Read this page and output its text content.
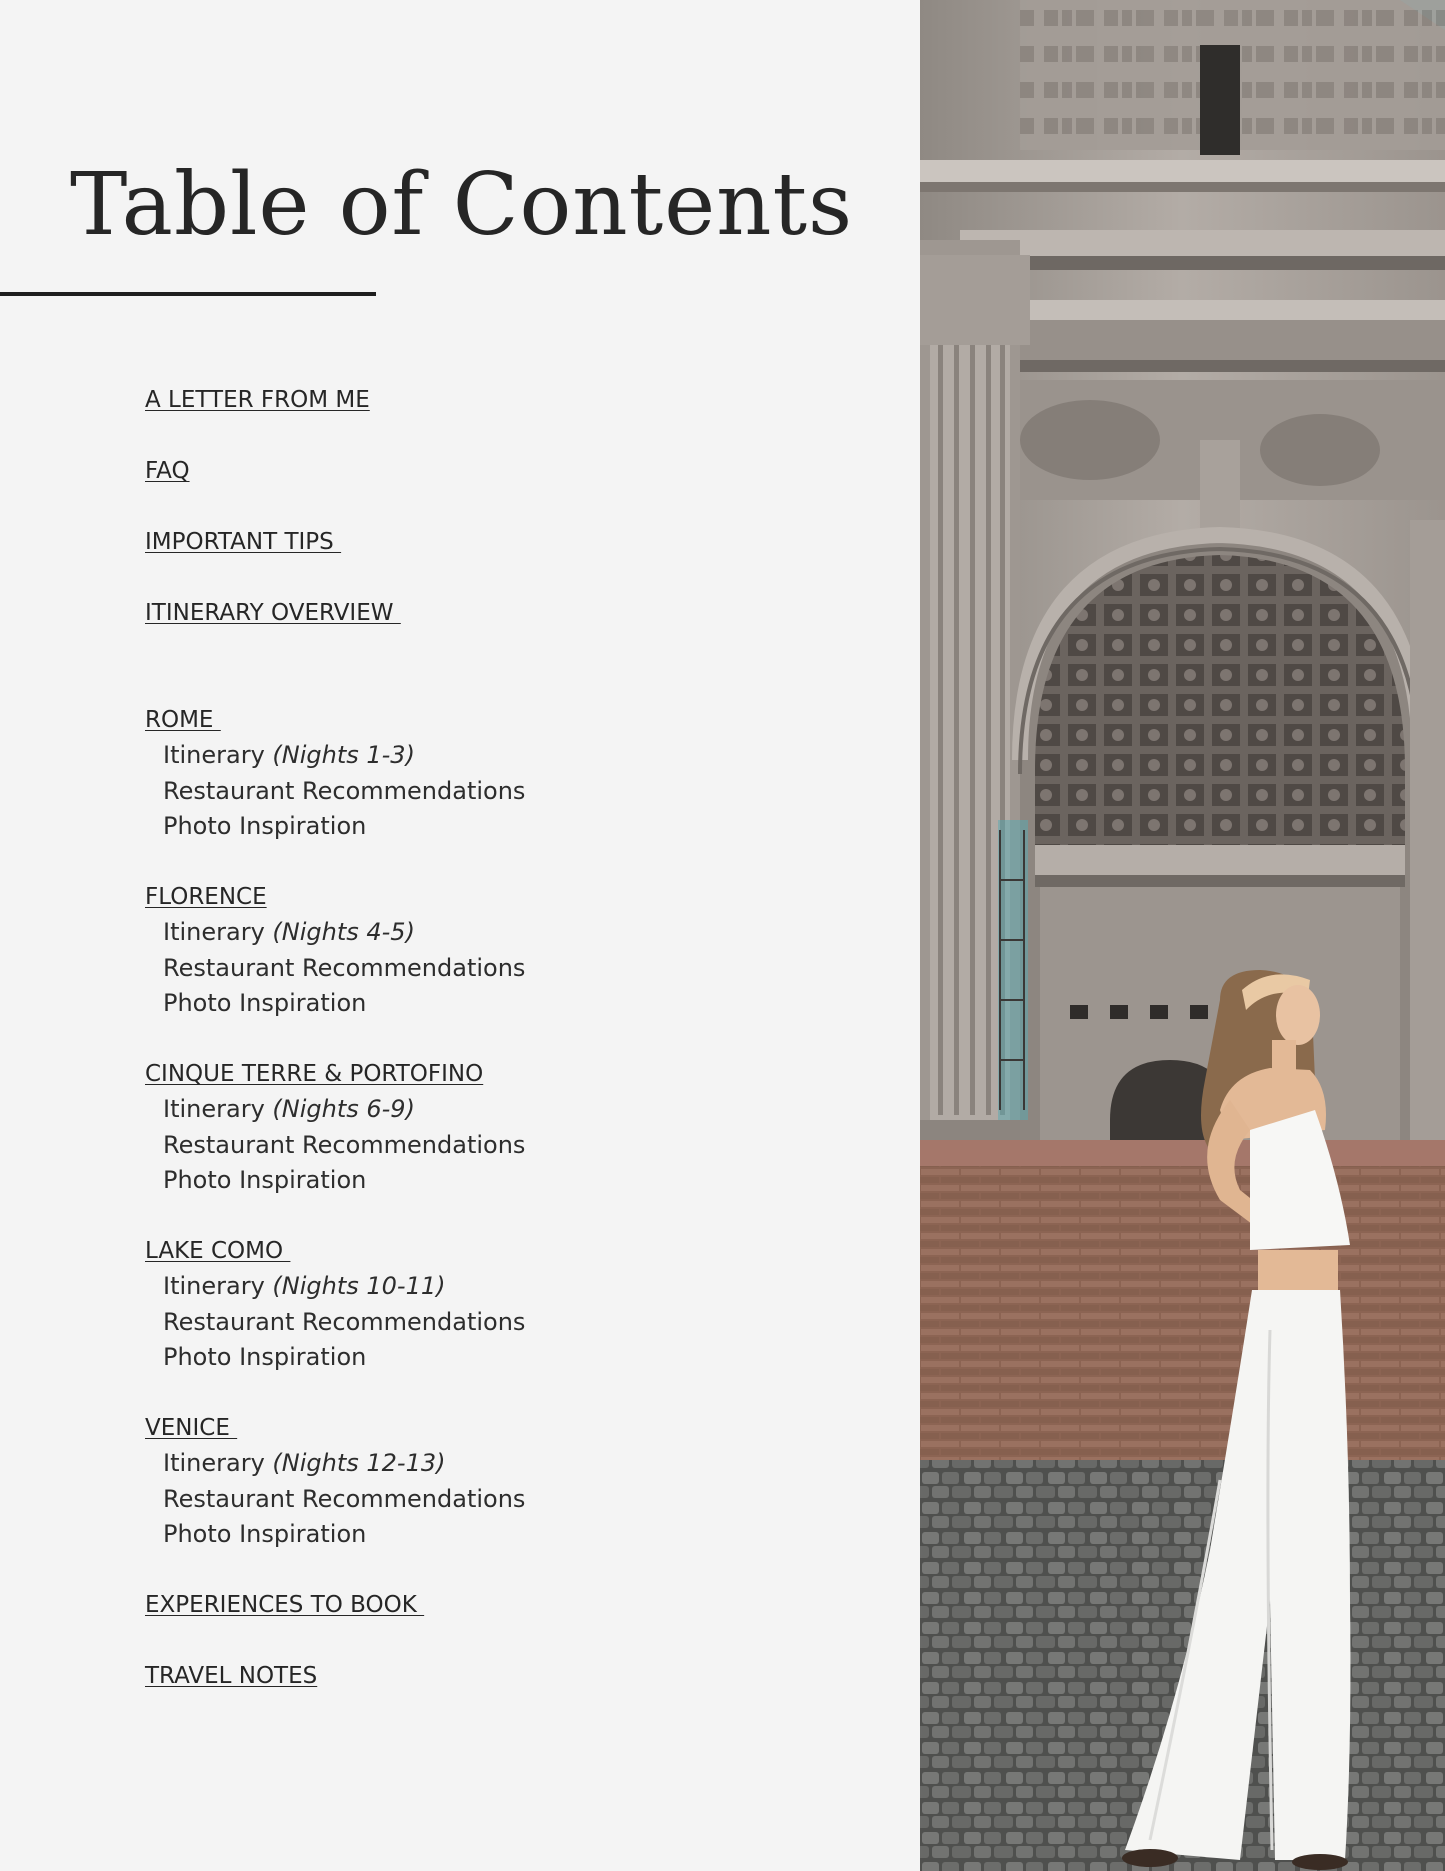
Table of Contents
A LETTER FROM ME
FAQ
IMPORTANT TIPS
ITINERARY OVERVIEW
ROME
Itinerary (Nights 1-3)
Restaurant Recommendations
Photo Inspiration
FLORENCE
Itinerary (Nights 4-5)
Restaurant Recommendations
Photo Inspiration
CINQUE TERRE & PORTOFINO
Itinerary (Nights 6-9)
Restaurant Recommendations
Photo Inspiration
LAKE COMO
Itinerary (Nights 10-11)
Restaurant Recommendations
Photo Inspiration
VENICE
Itinerary (Nights 12-13)
Restaurant Recommendations
Photo Inspiration
EXPERIENCES TO BOOK
TRAVEL NOTES
